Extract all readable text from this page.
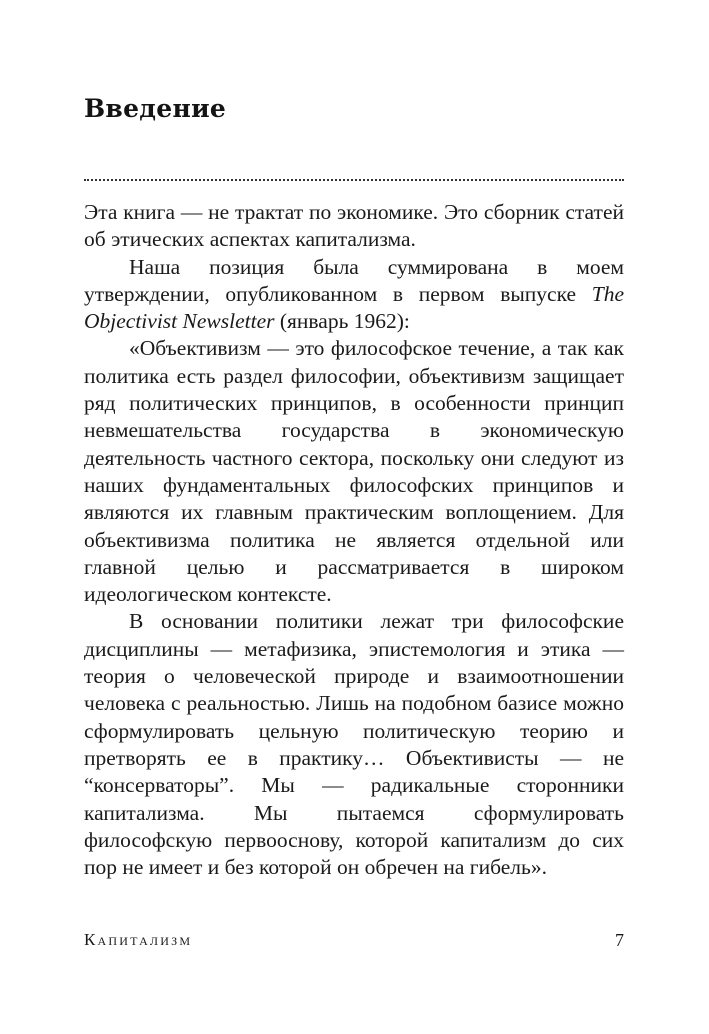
Введение

Эта книга — не трактат по экономике. Это сборник статей об этических аспектах капитализма.

Наша позиция была суммирована в моем утверждении, опубликованном в первом выпуске The Objectivist Newsletter (январь 1962):

«Объективизм — это философское течение, а так как политика есть раздел философии, объективизм защищает ряд политических принципов, в особенности принцип невмешательства государства в экономическую деятельность частного сектора, поскольку они следуют из наших фундаментальных философских принципов и являются их главным практическим воплощением. Для объективизма политика не является отдельной или главной целью и рассматривается в широком идеологическом контексте.

В основании политики лежат три философские дисциплины — метафизика, эпистемология и этика — теория о человеческой природе и взаимоотношении человека с реальностью. Лишь на подобном базисе можно сформулировать цельную политическую теорию и претворять ее в практику… Объективисты — не “консерваторы”. Мы — радикальные сторонники капитализма. Мы пытаемся сформулировать философскую первооснову, которой капитализм до сих пор не имеет и без которой он обречен на гибель».

Капитализм	7
